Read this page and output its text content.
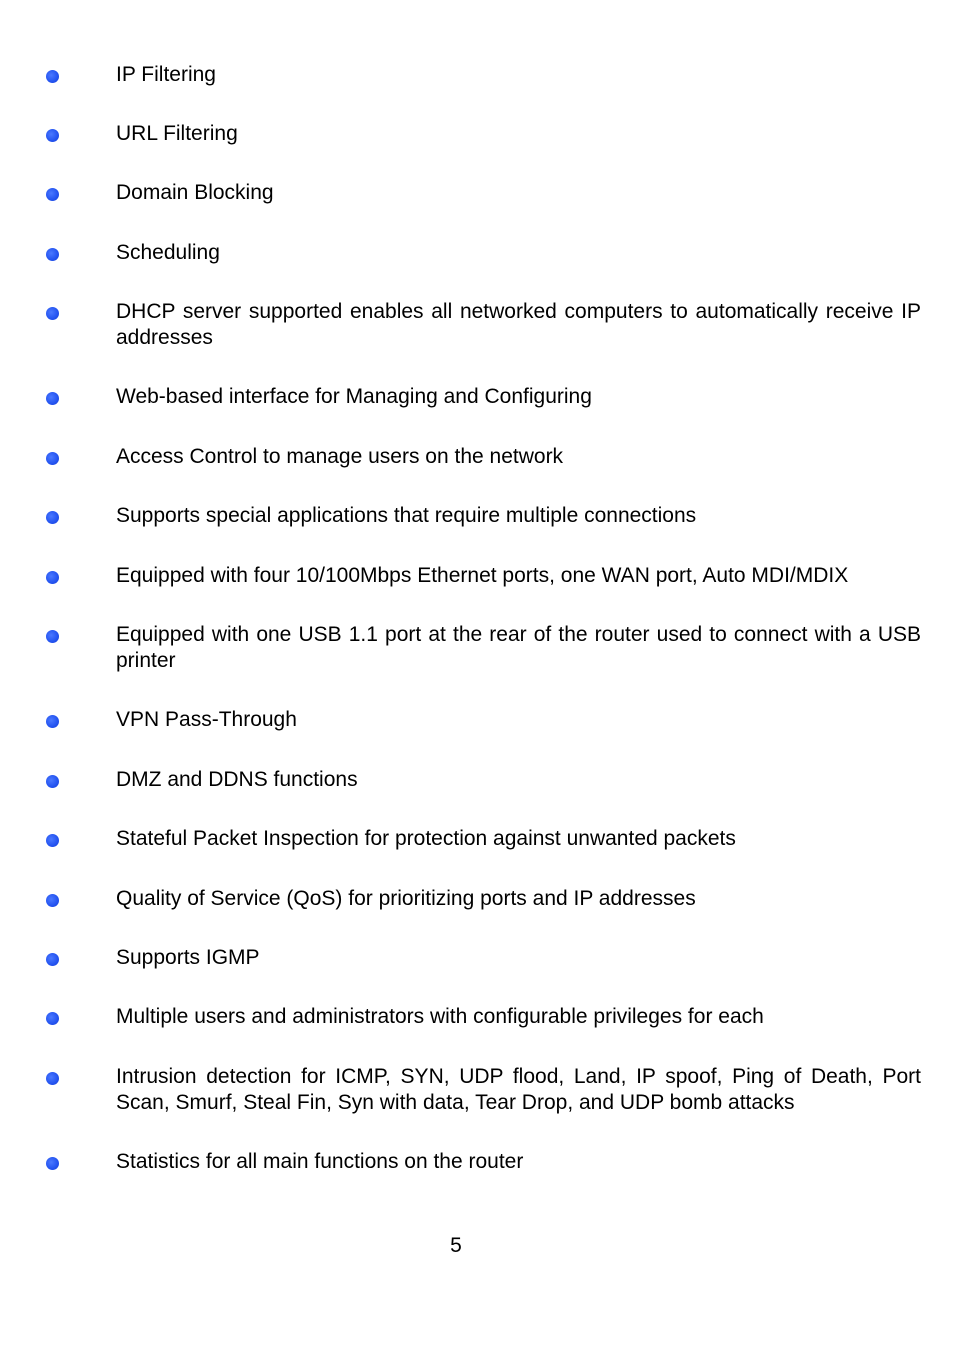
IP Filtering
URL Filtering
Domain Blocking
Scheduling
DHCP server supported enables all networked computers to automatically receive IP addresses
Web-based interface for Managing and Configuring
Access Control to manage users on the network
Supports special applications that require multiple connections
Equipped with four 10/100Mbps Ethernet ports, one WAN port, Auto MDI/MDIX
Equipped with one USB 1.1 port at the rear of the router used to connect with a USB printer
VPN Pass-Through
DMZ and DDNS functions
Stateful Packet Inspection for protection against unwanted packets
Quality of Service (QoS) for prioritizing ports and IP addresses
Supports IGMP
Multiple users and administrators with configurable privileges for each
Intrusion detection for ICMP, SYN, UDP flood, Land, IP spoof, Ping of Death, Port Scan, Smurf, Steal Fin, Syn with data, Tear Drop, and UDP bomb attacks
Statistics for all main functions on the router
5
